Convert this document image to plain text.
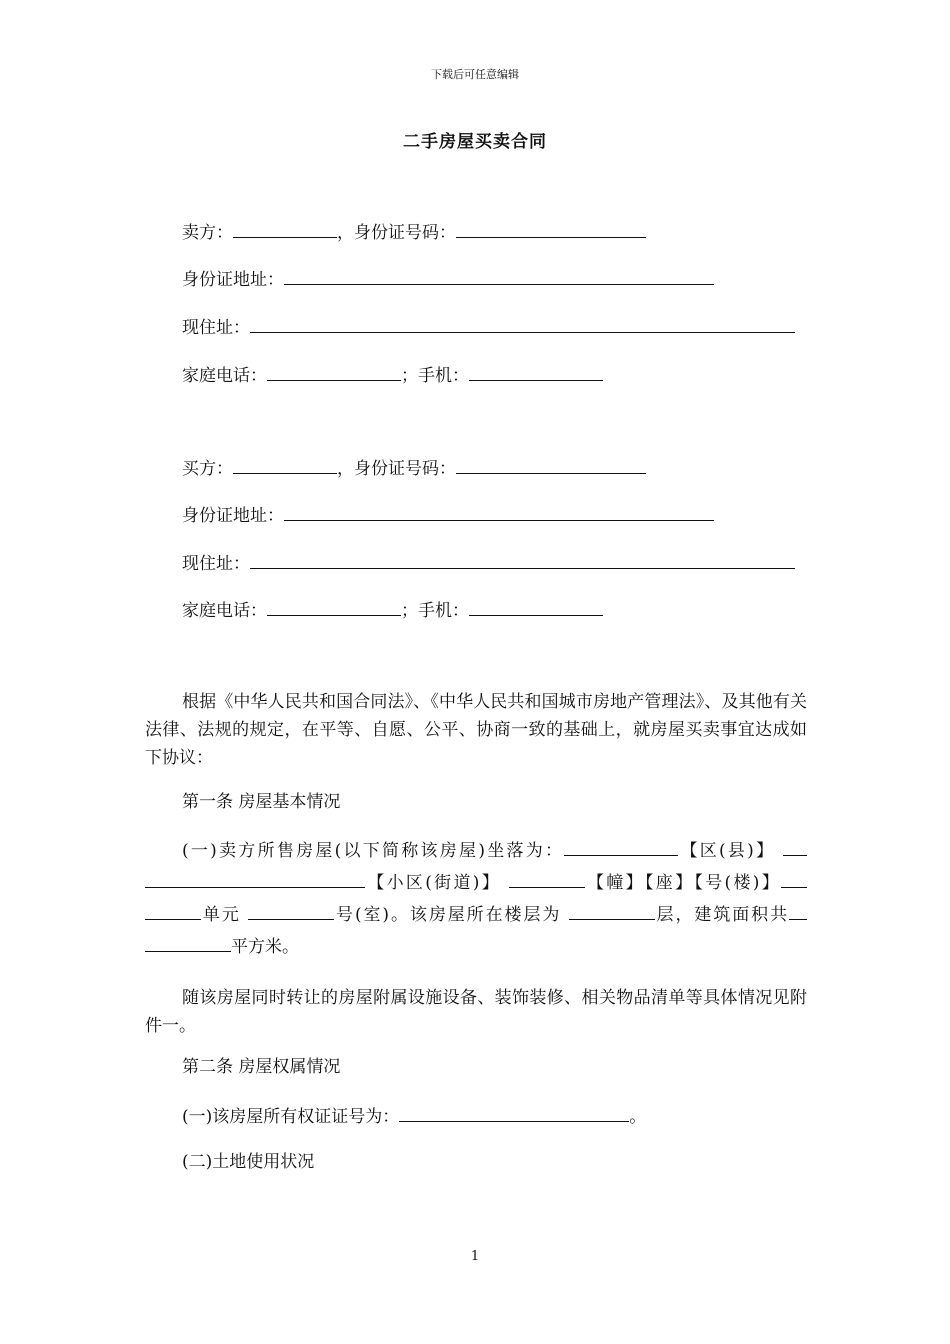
下载后可任意编辑
二手房屋买卖合同
卖方：	，身份证号码：
身份证地址：
现住址：
家庭电话：	；手机：
买方：	，身份证号码：
身份证地址：
现住址：
家庭电话：	；手机：
根据《中华人民共和国合同法》、《中华人民共和国城市房地产管理法》、及其他有关法律、法规的规定，在平等、自愿、公平、协商一致的基础上，就房屋买卖事宜达成如下协议：
第一条 房屋基本情况
(一)卖方所售房屋(以下简称该房屋)坐落为：	【区(县)】 【小区(街道)】	【幢】【座】【号(楼)】单元	号(室)。该房屋所在楼层为	层，建筑面积共平方米。
随该房屋同时转让的房屋附属设施设备、装饰装修、相关物品清单等具体情况见附件一。
第二条 房屋权属情况
(一)该房屋所有权证证号为：	。
(二)土地使用状况
1
